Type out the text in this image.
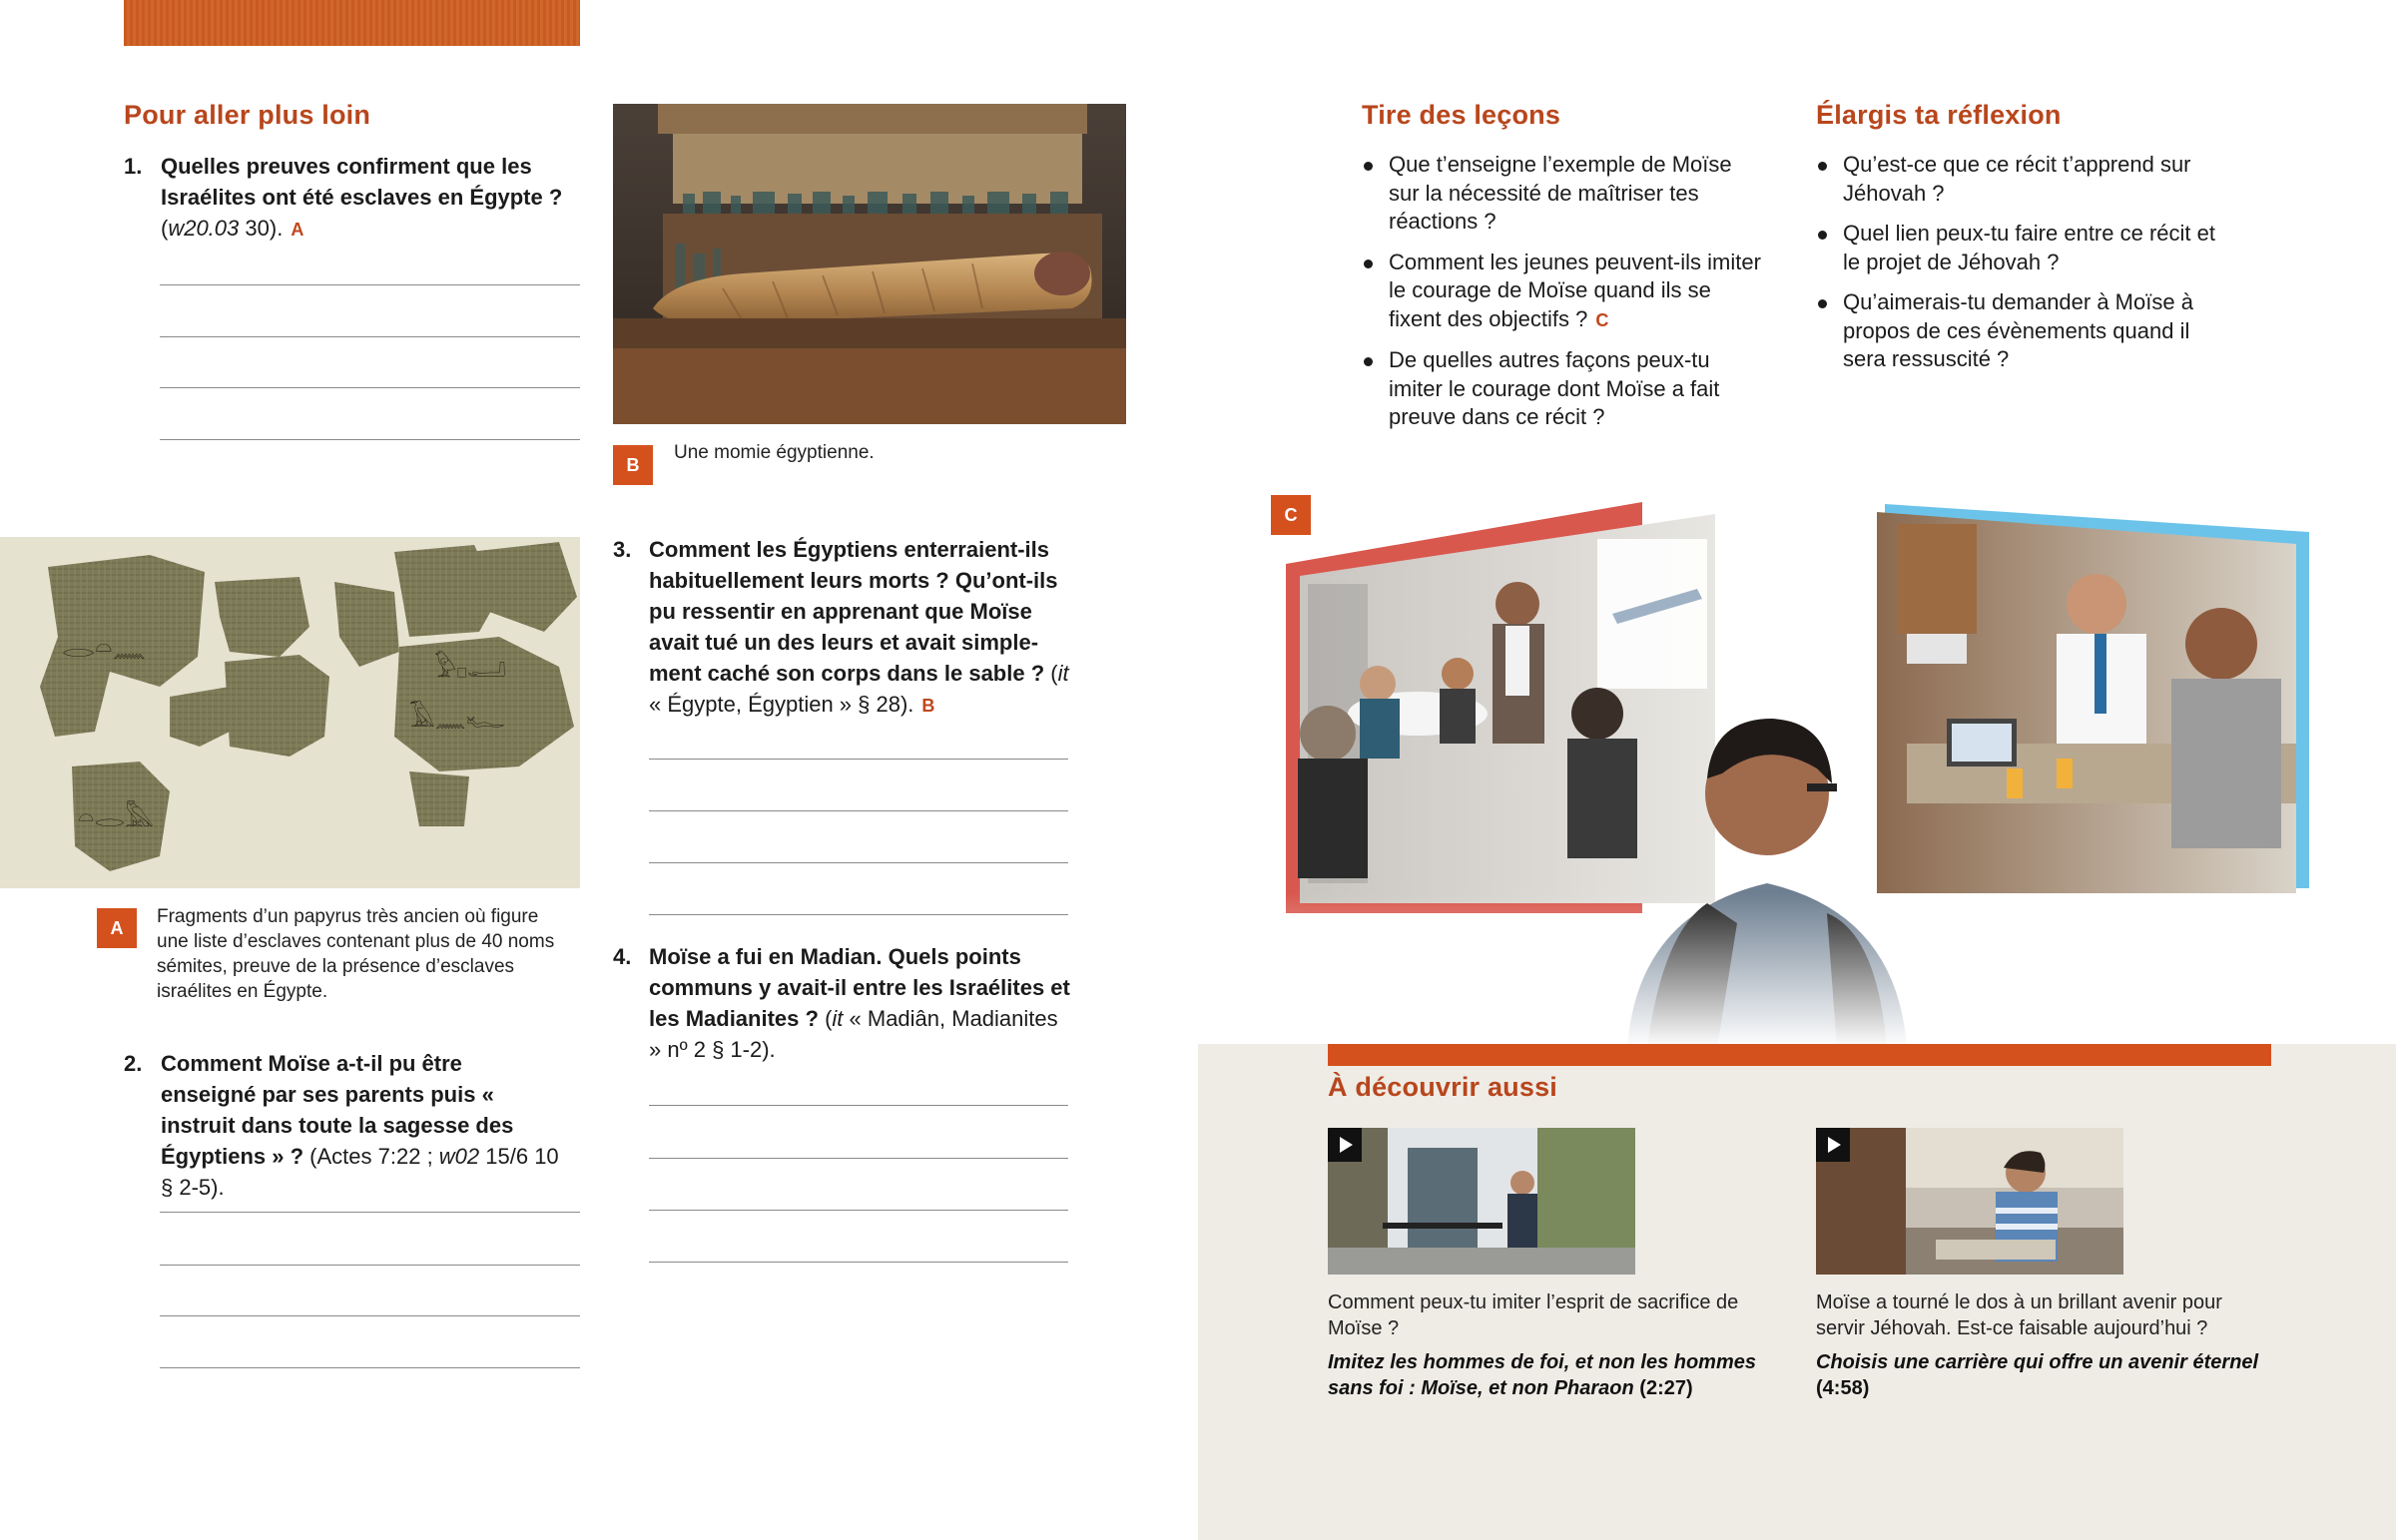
Pour aller plus loin
1. Quelles preuves confirment que les Israélites ont été esclaves en Égypte ? (w20.03 30). A
𓂋𓏏𓈖
𓅱𓊪𓂝
𓄿𓈖𓆑
𓏏𓂋𓅓
A
Fragments d’un papyrus très ancien où figure une liste d’esclaves contenant plus de 40 noms sémites, preuve de la présence d’esclaves israélites en Égypte.
2. Comment Moïse a-t-il pu être enseigné par ses parents puis « instruit dans toute la sagesse des Égyptiens » ? (Actes 7:22 ; w02 15/6 10 § 2-5).
B
Une momie égyptienne.
3. Comment les Égyptiens enterraient-ils habituellement leurs morts ? Qu’ont-ils pu ressentir en apprenant que Moïse avait tué un des leurs et avait simple-ment caché son corps dans le sable ? (it « Égypte, Égyptien » § 28). B
4. Moïse a fui en Madian. Quels points communs y avait-il entre les Israélites et les Madianites ? (it « Madiân, Madianites » nº 2 § 1-2).
Tire des leçons
Que t’enseigne l’exemple de Moïse sur la nécessité de maîtriser tes réactions ?
Comment les jeunes peuvent-ils imiter le courage de Moïse quand ils se fixent des objectifs ? C
De quelles autres façons peux-tu imiter le courage dont Moïse a fait preuve dans ce récit ?
Élargis ta réflexion
Qu’est-ce que ce récit t’apprend sur Jéhovah ?
Quel lien peux-tu faire entre ce récit et le projet de Jéhovah ?
Qu’aimerais-tu demander à Moïse à propos de ces évènements quand il sera ressuscité ?
À découvrir aussi
Comment peux-tu imiter l’esprit de sacrifice de Moïse ?
Imitez les hommes de foi, et non les hommes sans foi : Moïse, et non Pharaon (2:27)
Moïse a tourné le dos à un brillant avenir pour servir Jéhovah. Est-ce faisable aujourd’hui ?
Choisis une carrière qui offre un avenir éternel (4:58)
